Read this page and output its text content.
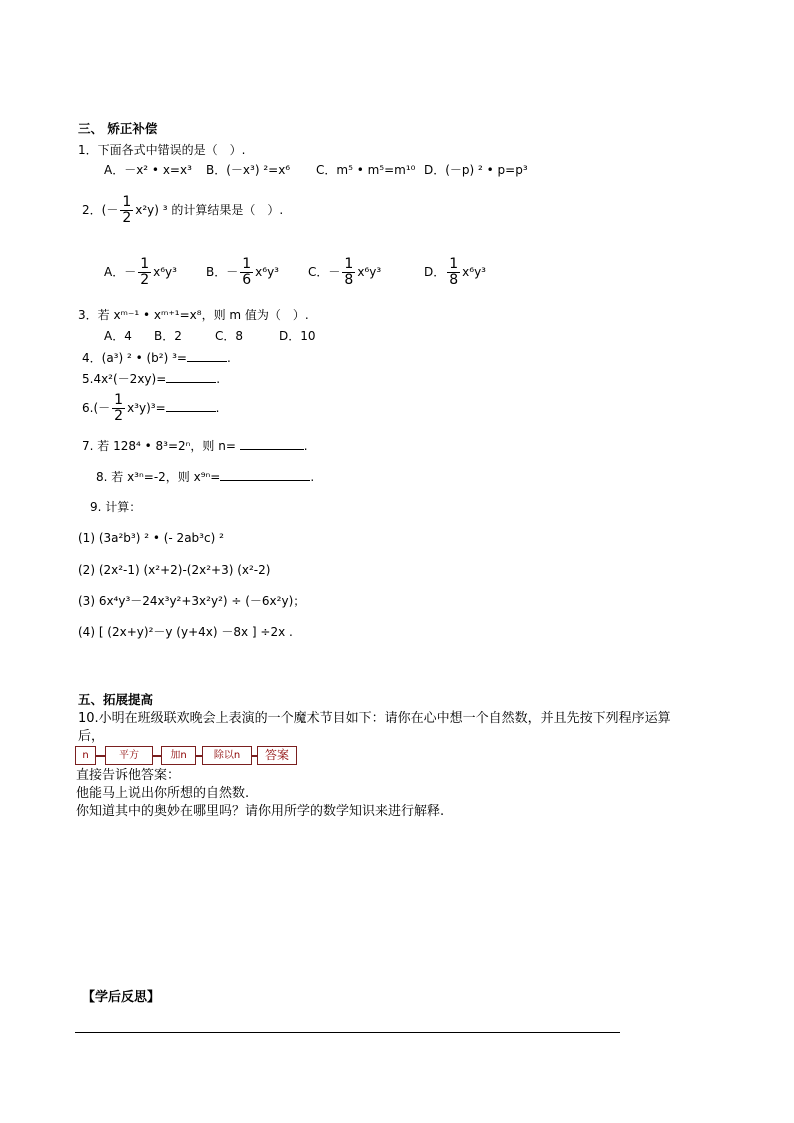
三、 矫正补偿
1．下面各式中错误的是（　）.
A．－x² • x=x³ B．(－x³) ²=x⁶ C．m⁵ • m⁵=m¹⁰ D．(－p) ² • p=p³
2．(－ $\frac{1}{2} x^2y$) ³ 的计算结果是（　）.
A．－ $\frac{1}{2} x^6y^3$ B．－ $\frac{1}{6} x^6y^3$ C．－ $\frac{1}{8} x^6y^3$	D． $\frac{1}{8} x^6y^3$
3．若 xᵐ⁻¹ • xᵐ⁺¹=x⁸，则 m 值为（　）.
A．4 B．2	C．8	D．10
4．(a³) ² • (b²) ³=	.
5.4x²(－2xy)=	.
$6.(- \frac{1}{2} x^3y)^3=$	.
7. 若 128⁴ • 8³=2ⁿ，则 n=	.
8. 若 x³ⁿ=-2，则 x⁹ⁿ=	.
9. 计算：
(1) (3a²b³) ² • (- 2ab³c) ²
(2) (2x²-1) (x²+2)-(2x²+3) (x²-2)
(3) 6x⁴y³－24x³y²+3x²y²) ÷ (－6x²y)；
(4) [ (2x+y)²－y (y+4x) －8x ] ÷2x .
五、拓展提高
10.小明在班级联欢晚会上表演的一个魔术节目如下：请你在心中想一个自然数，并且先按下列程序运算
后，
n	平方	加n	除以n	答案
直接告诉他答案：
他能马上说出你所想的自然数.
你知道其中的奥妙在哪里吗？请你用所学的数学知识来进行解释.
【学后反思】
